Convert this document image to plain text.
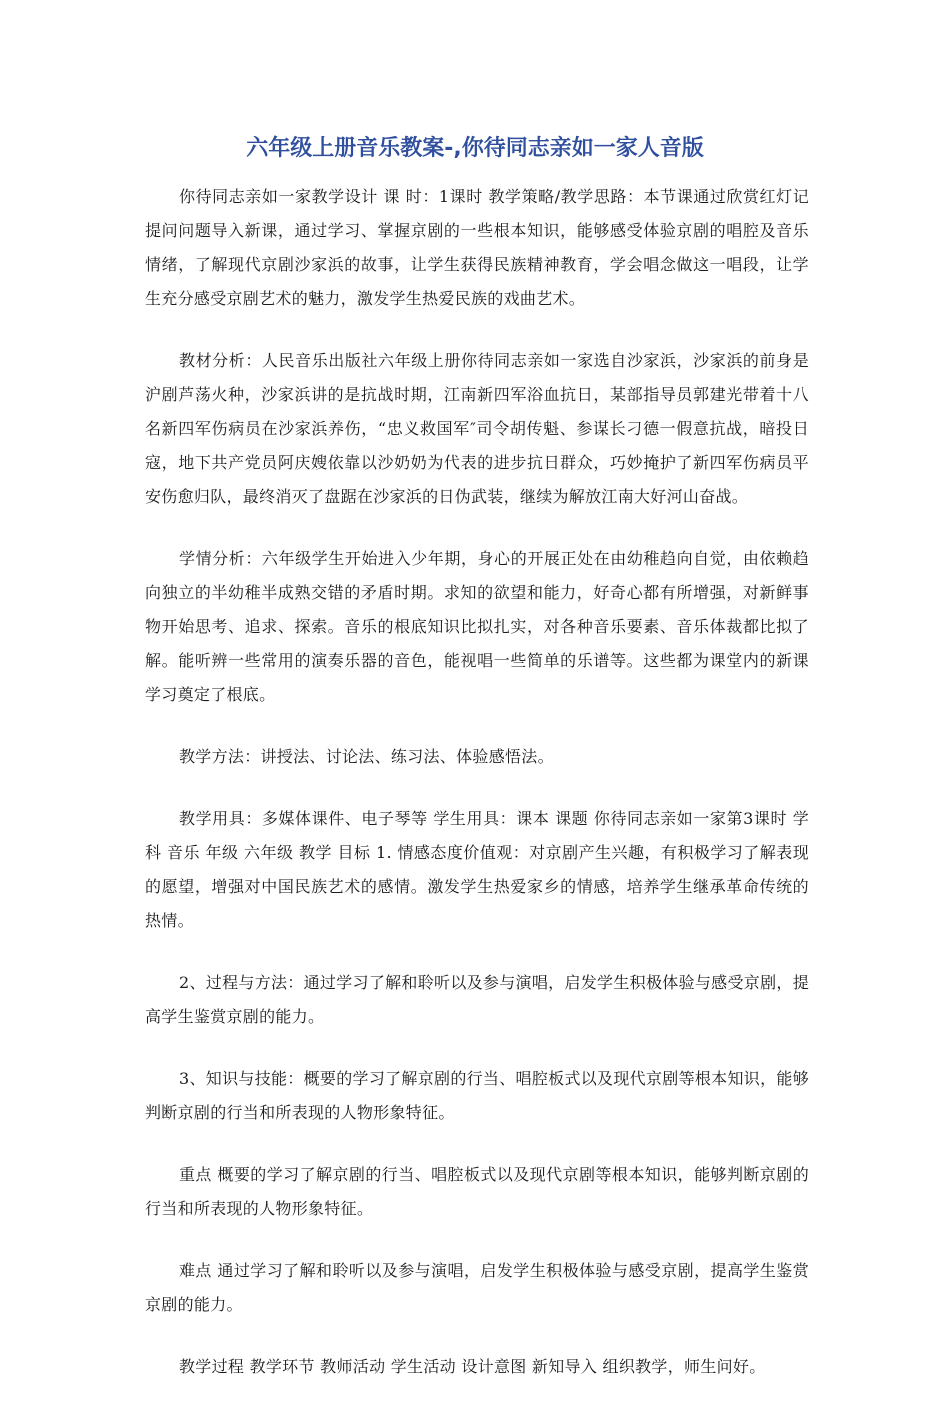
六年级上册音乐教案-,你待同志亲如一家人音版

你待同志亲如一家教学设计 课 时：1课时 教学策略/教学思路：本节课通过欣赏红灯记提问问题导入新课，通过学习、掌握京剧的一些根本知识，能够感受体验京剧的唱腔及音乐情绪，了解现代京剧沙家浜的故事，让学生获得民族精神教育，学会唱念做这一唱段，让学生充分感受京剧艺术的魅力，激发学生热爱民族的戏曲艺术。

教材分析：人民音乐出版社六年级上册你待同志亲如一家选自沙家浜，沙家浜的前身是沪剧芦荡火种，沙家浜讲的是抗战时期，江南新四军浴血抗日，某部指导员郭建光带着十八名新四军伤病员在沙家浜养伤，“忠义救国军″司令胡传魁、参谋长刁德一假意抗战，暗投日寇，地下共产党员阿庆嫂依靠以沙奶奶为代表的进步抗日群众，巧妙掩护了新四军伤病员平安伤愈归队，最终消灭了盘踞在沙家浜的日伪武装，继续为解放江南大好河山奋战。

学情分析：六年级学生开始进入少年期，身心的开展正处在由幼稚趋向自觉，由依赖趋向独立的半幼稚半成熟交错的矛盾时期。求知的欲望和能力，好奇心都有所增强，对新鲜事物开始思考、追求、探索。音乐的根底知识比拟扎实，对各种音乐要素、音乐体裁都比拟了解。能听辨一些常用的演奏乐器的音色，能视唱一些简单的乐谱等。这些都为课堂内的新课学习奠定了根底。

教学方法：讲授法、讨论法、练习法、体验感悟法。

教学用具：多媒体课件、电子琴等 学生用具：课本 课题 你待同志亲如一家第3课时 学科 音乐 年级 六年级 教学 目标 1. 情感态度价值观：对京剧产生兴趣，有积极学习了解表现的愿望，增强对中国民族艺术的感情。激发学生热爱家乡的情感，培养学生继承革命传统的热情。

2、过程与方法：通过学习了解和聆听以及参与演唱，启发学生积极体验与感受京剧，提高学生鉴赏京剧的能力。

3、知识与技能：概要的学习了解京剧的行当、唱腔板式以及现代京剧等根本知识，能够判断京剧的行当和所表现的人物形象特征。

重点 概要的学习了解京剧的行当、唱腔板式以及现代京剧等根本知识，能够判断京剧的行当和所表现的人物形象特征。

难点 通过学习了解和聆听以及参与演唱，启发学生积极体验与感受京剧，提高学生鉴赏京剧的能力。

教学过程 教学环节 教师活动 学生活动 设计意图 新知导入 组织教学，师生问好。
